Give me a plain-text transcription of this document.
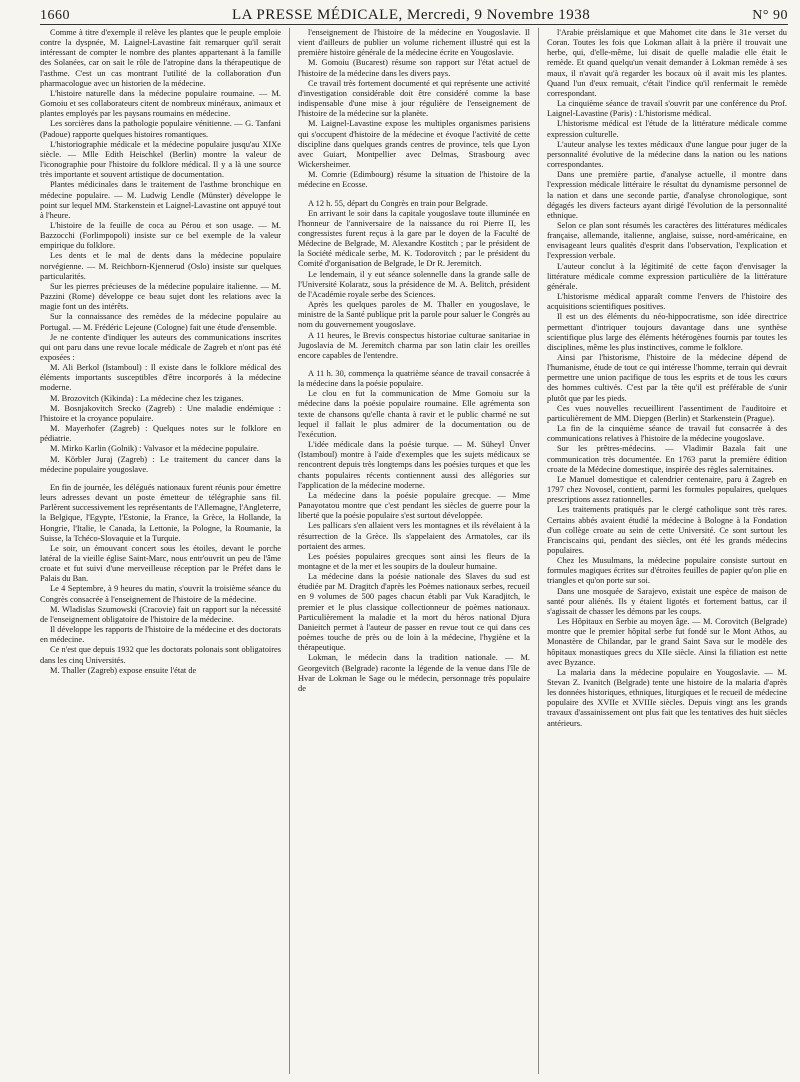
1660	LA PRESSE MÉDICALE, Mercredi, 9 Novembre 1938	N° 90

Comme à titre d'exemple il relève les plantes que le peuple emploie contre la dyspnée, M. Laignel-Lavastine fait remarquer qu'il serait intéressant de compter le nombre des plantes appartenant à la famille des Solanées, car on sait le rôle de l'atropine dans la thérapeutique de l'asthme. C'est un cas montrant l'utilité de la collaboration d'un pharmacologue avec un historien de la médecine.

L'histoire naturelle dans la médecine populaire roumaine. — M. Gomoiu et ses collaborateurs citent de nombreux minéraux, animaux et plantes employés par les paysans roumains en médecine.

Les sorcières dans la pathologie populaire vénitienne. — G. Tanfani (Padoue) rapporte quelques histoires romantiques.

L'historiographie médicale et la médecine populaire jusqu'au XIXe siècle. — Mlle Edith Heischkel (Berlin) montre la valeur de l'iconographie pour l'histoire du folklore médical. Il y a là une source très importante et souvent artistique de documentation.

Plantes médicinales dans le traitement de l'asthme bronchique en médecine populaire. — M. Ludwig Lendle (Münster) développe le point sur lequel MM. Starkenstein et Laignel-Lavastine ont appuyé tout à l'heure.

L'histoire de la feuille de coca au Pérou et son usage. — M. Bazzocchi (Forlimpopoli) insiste sur ce bel exemple de la valeur empirique du folklore.

Les dents et le mal de dents dans la médecine populaire norvégienne. — M. Reichborn-Kjennerud (Oslo) insiste sur quelques particularités.

Sur les pierres précieuses de la médecine populaire italienne. — M. Pazzini (Rome) développe ce beau sujet dont les relations avec la magie font un des intérêts.

Sur la connaissance des remèdes de la médecine populaire au Portugal. — M. Frédéric Lejeune (Cologne) fait une étude d'ensemble.

Je ne contente d'indiquer les auteurs des communications inscrites qui ont paru dans une revue locale médicale de Zagreb et n'ont pas été exposées :

M. Ali Berkol (Istamboul) : Il existe dans le folklore médical des éléments importants susceptibles d'être incorporés à la médecine moderne.

M. Brozovitch (Kikinda) : La médecine chez les tziganes.

M. Bosnjakovitch Srecko (Zagreb) : Une maladie endémique : l'histoire et la croyance populaire.

M. Mayerhofer (Zagreb) : Quelques notes sur le folklore en pédiatrie.

M. Mirko Karlin (Golnik) : Valvasor et la médecine populaire.

M. Körbler Juraj (Zagreb) : Le traitement du cancer dans la médecine populaire yougoslave.

En fin de journée, les délégués nationaux furent réunis pour émettre leurs adresses devant un poste émetteur de télégraphie sans fil. Parlèrent successivement les représentants de l'Allemagne, l'Angleterre, la Belgique, l'Egypte, l'Estonie, la France, la Grèce, la Hollande, la Hongrie, l'Italie, le Canada, la Lettonie, la Pologne, la Roumanie, la Suisse, la Tchéco-Slovaquie et la Turquie.

Le soir, un émouvant concert sous les étoiles, devant le porche latéral de la vieille église Saint-Marc, nous entr'ouvrit un peu de l'âme croate et fut suivi d'une merveilleuse réception par le Préfet dans le Palais du Ban.

Le 4 Septembre, à 9 heures du matin, s'ouvrit la troisième séance du Congrès consacrée à l'enseignement de l'histoire de la médecine.

M. Wladislas Szumowski (Cracovie) fait un rapport sur la nécessité de l'enseignement obligatoire de l'histoire de la médecine.

Il développe les rapports de l'histoire de la médecine et des doctorats en médecine.

Ce n'est que depuis 1932 que les doctorats polonais sont obligatoires dans les cinq Universités.

M. Thaller (Zagreb) expose ensuite l'état de

l'enseignement de l'histoire de la médecine en Yougoslavie. Il vient d'ailleurs de publier un volume richement illustré qui est la première histoire générale de la médecine écrite en Yougoslavie.

M. Gomoiu (Bucarest) résume son rapport sur l'état actuel de l'histoire de la médecine dans les divers pays.

Ce travail très fortement documenté et qui représente une activité d'investigation considérable doit être considéré comme la base indispensable d'une mise à jour régulière de l'enseignement de l'histoire de la médecine sur la planète.

M. Laignel-Lavastine expose les multiples organismes parisiens qui s'occupent d'histoire de la médecine et évoque l'activité de cette discipline dans quelques grands centres de province, tels que Lyon avec Guiart, Montpellier avec Delmas, Strasbourg avec Wickersheimer.

M. Comrie (Edimbourg) résume la situation de l'histoire de la médecine en Ecosse.

A 12 h. 55, départ du Congrès en train pour Belgrade.

En arrivant le soir dans la capitale yougoslave toute illuminée en l'honneur de l'anniversaire de la naissance du roi Pierre II, les congressistes furent reçus à la gare par le doyen de la Faculté de Médecine de Belgrade, M. Alexandre Kostitch ; par le président de la Société médicale serbe, M. K. Todorovitch ; par le président du Comité d'organisation de Belgrade, le Dr R. Jeremitch.

Le lendemain, il y eut séance solennelle dans la grande salle de l'Université Kolaratz, sous la présidence de M. A. Belitch, président de l'Académie royale serbe des Sciences.

Après les quelques paroles de M. Thaller en yougoslave, le ministre de la Santé publique prit la parole pour saluer le Congrès au nom du gouvernement yougoslave.

A 11 heures, le Brevis conspectus historiae culturae sanitariae in Jugoslavia de M. Jeremitch charma par son latin clair les oreilles encore capables de l'entendre.

A 11 h. 30, commença la quatrième séance de travail consacrée à la médecine dans la poésie populaire.

Le clou en fut la communication de Mme Gomoiu sur la médecine dans la poésie populaire roumaine. Elle agrémenta son texte de chansons qu'elle chanta à ravir et le public charmé ne sut lequel il fallait le plus admirer de la documentation ou de l'exécution.

L'idée médicale dans la poésie turque. — M. Süheyl Ünver (Istamboul) montre à l'aide d'exemples que les sujets médicaux se rencontrent depuis très longtemps dans les poésies turques et que les chants populaires récents contiennent aussi des allégories sur l'application de la médecine moderne.

La médecine dans la poésie populaire grecque. — Mme Panayotatou montre que c'est pendant les siècles de guerre pour la liberté que la poésie populaire s'est surtout développée.

Les pallicars s'en allaient vers les montagnes et ils révélaient à la résurrection de la Grèce. Ils s'appelaient des Armatoles, car ils portaient des armes.

Les poésies populaires grecques sont ainsi les fleurs de la montagne et de la mer et les soupirs de la douleur humaine.

La médecine dans la poésie nationale des Slaves du sud est étudiée par M. Dragitch d'après les Poèmes nationaux serbes, recueil en 9 volumes de 500 pages chacun établi par Vuk Karadjitch, le premier et le plus classique collectionneur de poèmes nationaux. Particulièrement la maladie et la mort du héros national Djura Danieitch permet à l'auteur de passer en revue tout ce qui dans ces poèmes touche de près ou de loin à la médecine, l'hygiène et la thérapeutique.

Lokman, le médecin dans la tradition nationale. — M. Georgevitch (Belgrade) raconte la légende de la venue dans l'île de Hvar de Lokman le Sage ou le médecin, personnage très populaire de

l'Arabie préislamique et que Mahomet cite dans le 31e verset du Coran. Toutes les fois que Lokman allait à la prière il trouvait une herbe, qui, d'elle-même, lui disait de quelle maladie elle était le remède. Et quand quelqu'un venait demander à Lokman remède à ses maux, il n'avait qu'à regarder les bocaux où il avait mis les plantes. Quand l'un d'eux remuait, c'était l'indice qu'il renfermait le remède correspondant.

La cinquième séance de travail s'ouvrit par une conférence du Prof. Laignel-Lavastine (Paris) : L'historisme médical.

L'historisme médical est l'étude de la littérature médicale comme expression culturelle.

L'auteur analyse les textes médicaux d'une langue pour juger de la personnalité évolutive de la médecine dans la nation ou les nations correspondantes.

Dans une première partie, d'analyse actuelle, il montre dans l'expression médicale littéraire le résultat du dynamisme personnel de la nation et dans une seconde partie, d'analyse chronologique, sont dégagés les divers facteurs ayant dirigé l'évolution de la personnalité ethnique.

Selon ce plan sont résumés les caractères des littératures médicales française, allemande, italienne, anglaise, suisse, nord-américaine, en envisageant leurs qualités d'esprit dans l'observation, l'explication et l'expression verbale.

L'auteur conclut à la légitimité de cette façon d'envisager la littérature médicale comme expression particulière de la littérature générale.

L'historisme médical apparaît comme l'envers de l'histoire des acquisitions scientifiques positives.

Il est un des éléments du néo-hippocratisme, son idée directrice permettant d'intriquer toujours davantage dans une synthèse scientifique plus large des éléments hétérogènes fournis par toutes les disciplines, même les plus instinctives, comme le folklore.

Ainsi par l'historisme, l'histoire de la médecine dépend de l'humanisme, étude de tout ce qui intéresse l'homme, terrain qui devrait permettre une union pacifique de tous les esprits et de tous les cœurs des hommes cultivés. C'est par la tête qu'il est préférable de s'unir plutôt que par les pieds.

Ces vues nouvelles recueillirent l'assentiment de l'auditoire et particulièrement de MM. Diepgen (Berlin) et Starkenstein (Prague).

La fin de la cinquième séance de travail fut consacrée à des communications relatives à l'histoire de la médecine yougoslave.

Sur les prêtres-médecins. — Vladimir Bazala fait une communication très documentée. En 1763 parut la première édition croate de la Médecine domestique, inspirée des règles salernitaines.

Le Manuel domestique et calendrier centenaire, paru à Zagreb en 1797 chez Novosel, contient, parmi les formules populaires, quelques prescriptions assez rationnelles.

Les traitements pratiqués par le clergé catholique sont très rares. Certains abbés avaient étudié la médecine à Bologne à la Fondation d'un collège croate au sein de cette Université. Ce sont surtout les Franciscains qui, pendant des siècles, ont été les grands médecins populaires.

Chez les Musulmans, la médecine populaire consiste surtout en formules magiques écrites sur d'étroites feuilles de papier qu'on plie en triangles et qu'on porte sur soi.

Dans une mosquée de Sarajevo, existait une espèce de maison de santé pour aliénés. Ils y étaient ligotés et fortement battus, car il s'agissait de chasser les démons par les coups.

Les Hôpitaux en Serbie au moyen âge. — M. Corovitch (Belgrade) montre que le premier hôpital serbe fut fondé sur le Mont Athos, au Monastère de Chilandar, par le grand Saint Sava sur le modèle des hôpitaux monastiques grecs du XIIe siècle. Ainsi la filiation est nette avec Byzance.

La malaria dans la médecine populaire en Yougoslavie. — M. Stevan Z. Ivanitch (Belgrade) tente une histoire de la malaria d'après les données historiques, ethniques, liturgiques et le recueil de médecine populaire des XVIIe et XVIIIe siècles. Depuis vingt ans les grands travaux d'assainissement ont plus fait que les tentatives des huit siècles antérieurs.
